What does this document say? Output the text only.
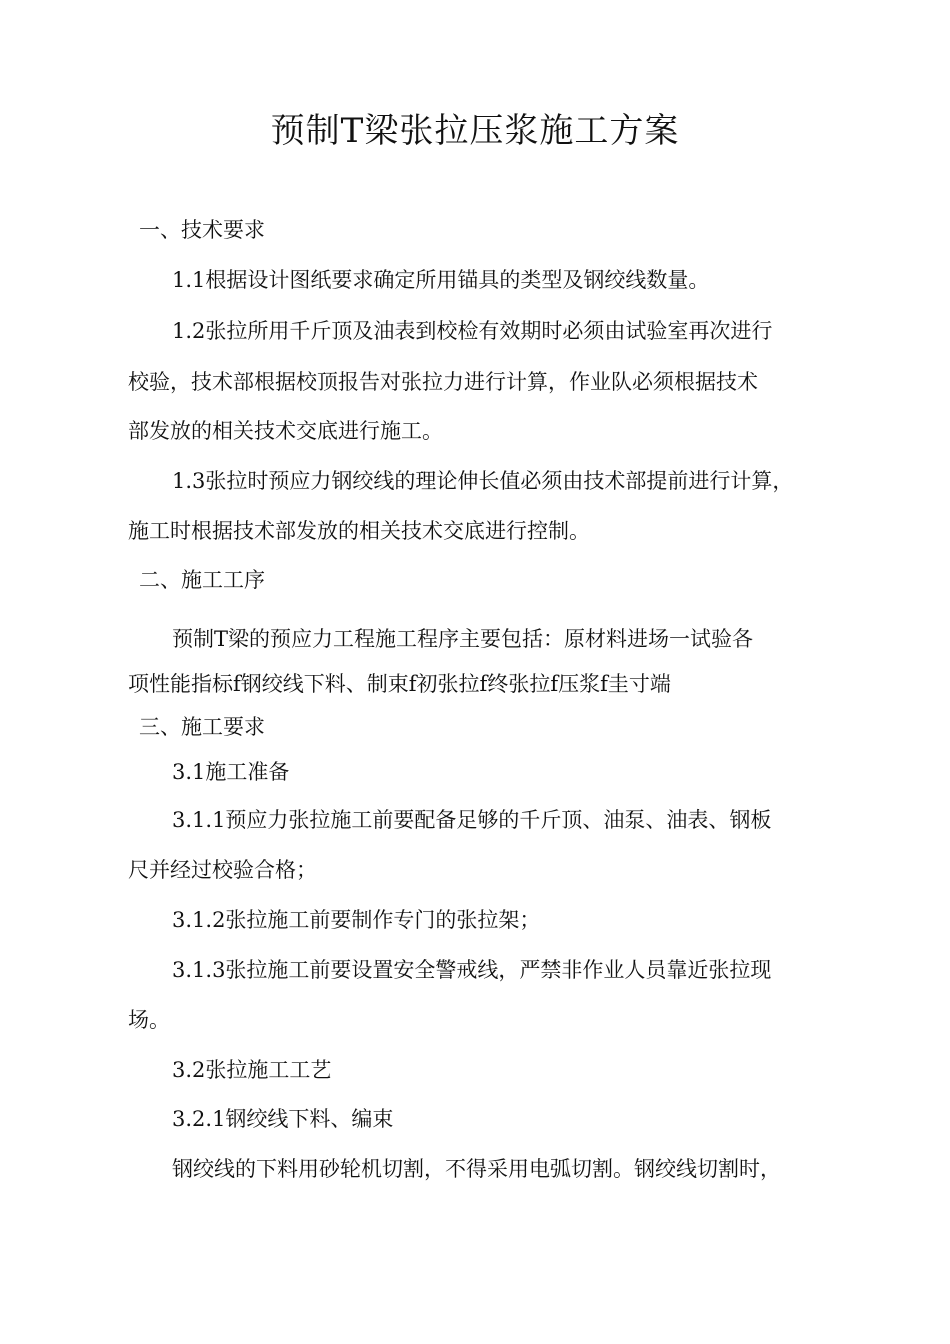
预制T梁张拉压浆施工方案
一、技术要求
1.1根据设计图纸要求确定所用锚具的类型及钢绞线数量。
1.2张拉所用千斤顶及油表到校检有效期时必须由试验室再次进行
校验，技术部根据校顶报告对张拉力进行计算，作业队必须根据技术
部发放的相关技术交底进行施工。
1.3张拉时预应力钢绞线的理论伸长值必须由技术部提前进行计算，
施工时根据技术部发放的相关技术交底进行控制。
二、施工工序
预制T梁的预应力工程施工程序主要包括：原材料进场一试验各
项性能指标f钢绞线下料、制束f初张拉f终张拉f压浆f圭寸端
三、施工要求
3.1施工准备
3.1.1预应力张拉施工前要配备足够的千斤顶、油泵、油表、钢板
尺并经过校验合格；
3.1.2张拉施工前要制作专门的张拉架；
3.1.3张拉施工前要设置安全警戒线，严禁非作业人员靠近张拉现
场。
3.2张拉施工工艺
3.2.1钢绞线下料、编束
钢绞线的下料用砂轮机切割，不得采用电弧切割。钢绞线切割时，
